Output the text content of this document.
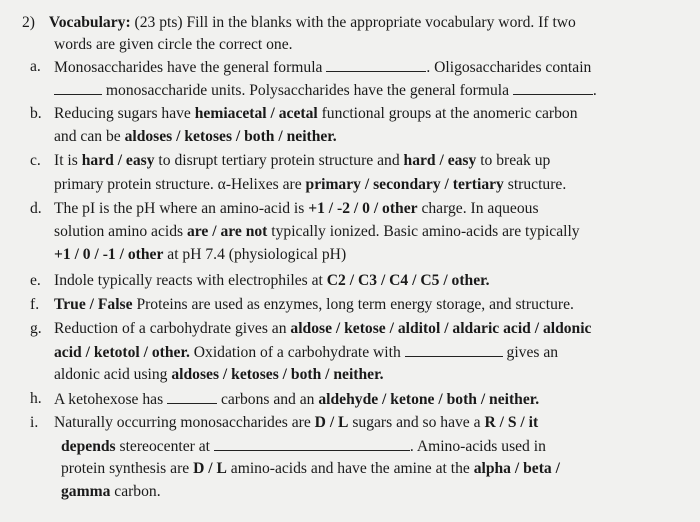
2) Vocabulary: (23 pts) Fill in the blanks with the appropriate vocabulary word. If two
words are given circle the correct one.
a. Monosaccharides have the general formula	. Oligosaccharides contain
monosaccharide units. Polysaccharides have the general formula	.
b. Reducing sugars have hemiacetal / acetal functional groups at the anomeric carbon
and can be aldoses / ketoses / both / neither.
c. It is hard / easy to disrupt tertiary protein structure and hard / easy to break up
primary protein structure. α-Helixes are primary / secondary / tertiary structure.
d. The pI is the pH where an amino-acid is +1 / -2 / 0 / other charge. In aqueous
solution amino acids are / are not typically ionized. Basic amino-acids are typically
+1 / 0 / -1 / other at pH 7.4 (physiological pH)
e. Indole typically reacts with electrophiles at C2 / C3 / C4 / C5 / other.
f. True / False Proteins are used as enzymes, long term energy storage, and structure.
g. Reduction of a carbohydrate gives an aldose / ketose / alditol / aldaric acid / aldonic
acid / ketotol / other. Oxidation of a carbohydrate with	gives an
aldonic acid using aldoses / ketoses / both / neither.
h. A ketohexose has	carbons and an aldehyde / ketone / both / neither.
i. Naturally occurring monosaccharides are D / L sugars and so have a R / S / it
depends stereocenter at	. Amino-acids used in
protein synthesis are D / L amino-acids and have the amine at the alpha / beta /
gamma carbon.
